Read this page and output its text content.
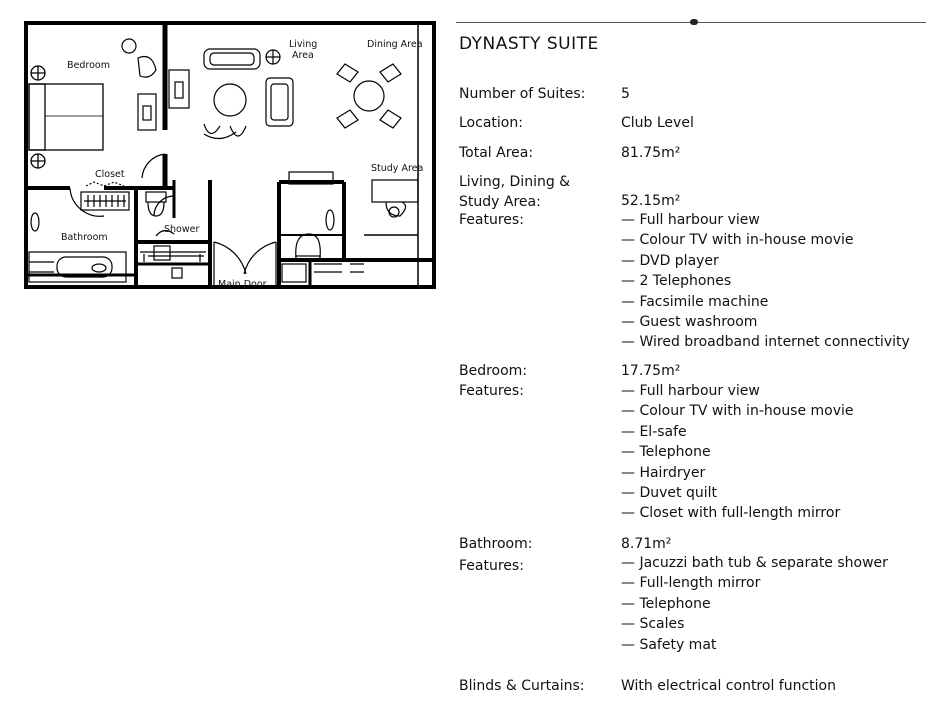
Bedroom
Living
Area
Dining Area
Closet
Study Area
Bathroom
Shower
Main Door
DYNASTY SUITE
Number of Suites:	5
Location:	Club Level
Total Area:	81.75m²
Living, Dining &
Study Area:	52.15m²
Features:	— Full harbour view
— Colour TV with in-house movie
— DVD player
— 2 Telephones
— Facsimile machine
— Guest washroom
— Wired broadband internet connectivity
Bedroom:	17.75m²
Features:	— Full harbour view
— Colour TV with in-house movie
— El-safe
— Telephone
— Hairdryer
— Duvet quilt
— Closet with full-length mirror
Bathroom:	8.71m²
Features:	— Jacuzzi bath tub & separate shower
— Full-length mirror
— Telephone
— Scales
— Safety mat
Blinds & Curtains:	With electrical control function
